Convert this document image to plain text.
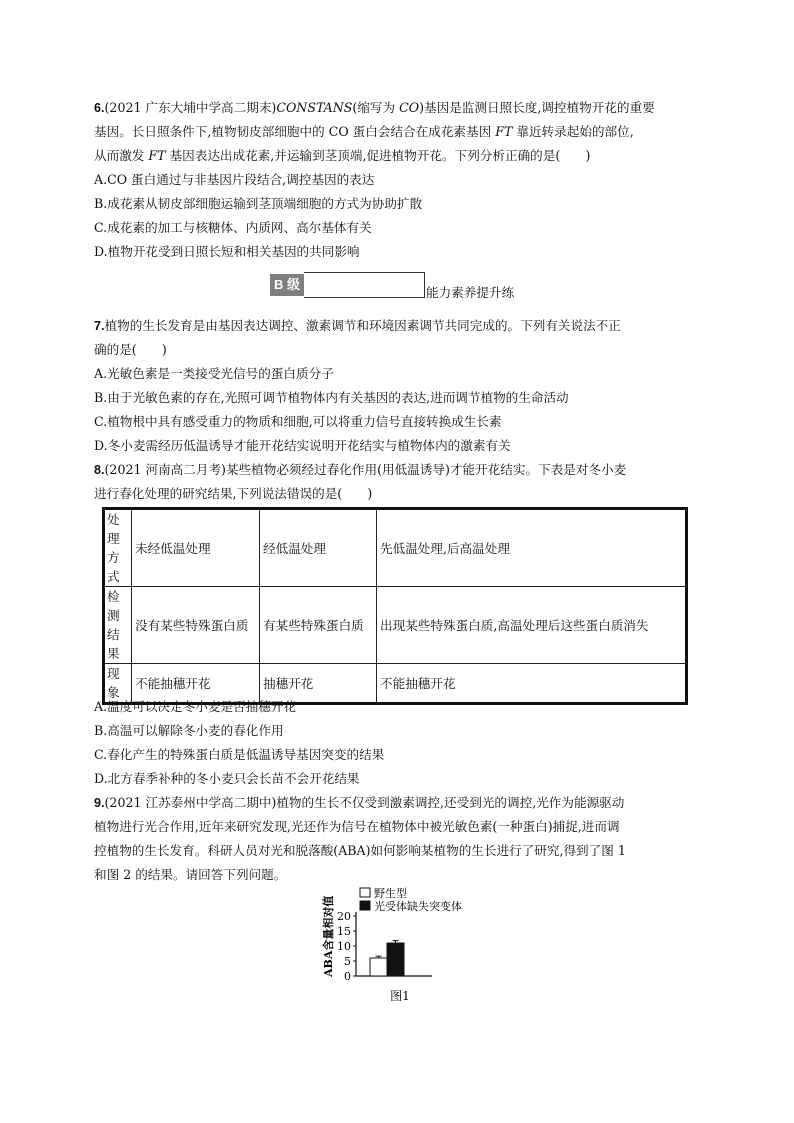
6.(2021 广东大埔中学高二期末)CONSTANS(缩写为 CO)基因是监测日照长度,调控植物开花的重要
基因。长日照条件下,植物韧皮部细胞中的 CO 蛋白会结合在成花素基因 FT 靠近转录起始的部位,
从而激发 FT 基因表达出成花素,并运输到茎顶端,促进植物开花。下列分析正确的是(　　)
A.CO 蛋白通过与非基因片段结合,调控基因的表达
B.成花素从韧皮部细胞运输到茎顶端细胞的方式为协助扩散
C.成花素的加工与核糖体、内质网、高尔基体有关
D.植物开花受到日照长短和相关基因的共同影响
B 级
能力素养提升练
7.植物的生长发育是由基因表达调控、激素调节和环境因素调节共同完成的。下列有关说法不正
确的是(　　)
A.光敏色素是一类接受光信号的蛋白质分子
B.由于光敏色素的存在,光照可调节植物体内有关基因的表达,进而调节植物的生命活动
C.植物根中具有感受重力的物质和细胞,可以将重力信号直接转换成生长素
D.冬小麦需经历低温诱导才能开花结实说明开花结实与植物体内的激素有关
8.(2021 河南高二月考)某些植物必须经过春化作用(用低温诱导)才能开花结实。下表是对冬小麦
进行春化处理的研究结果,下列说法错误的是(　　)
处理方式	未经低温处理	经低温处理	先低温处理,后高温处理

检测结果	没有某些特殊蛋白质	有某些特殊蛋白质	出现某些特殊蛋白质,高温处理后这些蛋白质消失

现象	不能抽穗开花	抽穗开花	不能抽穗开花
A.温度可以决定冬小麦是否抽穗开花
B.高温可以解除冬小麦的春化作用
C.春化产生的特殊蛋白质是低温诱导基因突变的结果
D.北方春季补种的冬小麦只会长苗不会开花结果
9.(2021 江苏泰州中学高二期中)植物的生长不仅受到激素调控,还受到光的调控,光作为能源驱动
植物进行光合作用,近年来研究发现,光还作为信号在植物体中被光敏色素(一种蛋白)捕捉,进而调
控植物的生长发育。科研人员对光和脱落酸(ABA)如何影响某植物的生长进行了研究,得到了图 1
和图 2 的结果。请回答下列问题。
ABA含量相对值 0
5
10
15
20
野生型
光受体缺失突变体
图1
